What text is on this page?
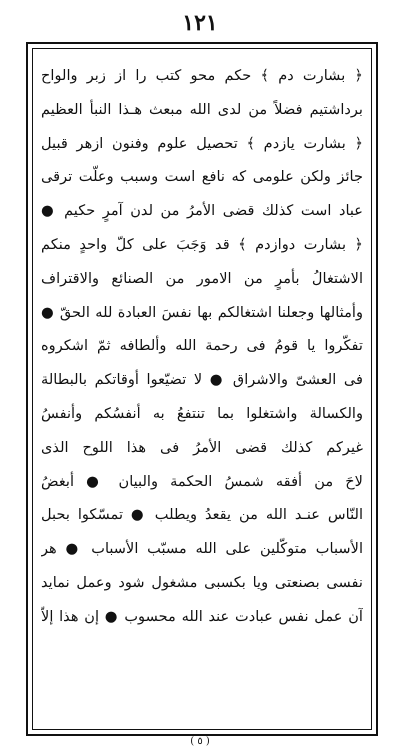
١٢١
﴿ بشارت دم ﴾ حكم محو كتب را از زبر والواح
برداشتيم فضلاً من لدى الله مبعث هـذا النبأ العظيم
﴿ بشارت يازدم ﴾ تحصيل علوم وفنون ازهر قبيل
جائز ولكن علومى كه نافع است وسبب وعلّت ترقى
عباد است كذلك قضى الأمرُ من لدن آمرٍ حكيم ●
﴿ بشارت دوازدم ﴾ قد وَجَبَ على كلّ واحدٍ منكم
الاشتغالُ بأمرٍ من الامور من الصنائع والاقتراف
وأمثالها وجعلنا اشتغالكم بها نفسَ العبادة لله الحقّ ●
تفكّروا يا قومُ فى رحمة الله وألطافه ثمّ اشكروه
فى العشىّ والاشراق ● لا تضيّعوا أوقاتكم بالبطالة
والكسالة واشتغلوا بما تنتفعُ به أنفسُكم وأنفسُ
غيركم كذلك قضى الأمرُ فى هذا اللوح الذى
لاحَ من أفقه شمسُ الحكمة والبيان ● أبغضُ
النّاس عنـد الله من يقعدُ ويطلب ● تمسّكوا بحبل
الأسباب متوكّلين على الله مسبّب الأسباب ● هر
نفسى بصنعتى ويا بكسبى مشغول شود وعمل نمايد
آن عمل نفس عبادت عند الله محسوب ● إن هذا إلاّ
( ٥ )
